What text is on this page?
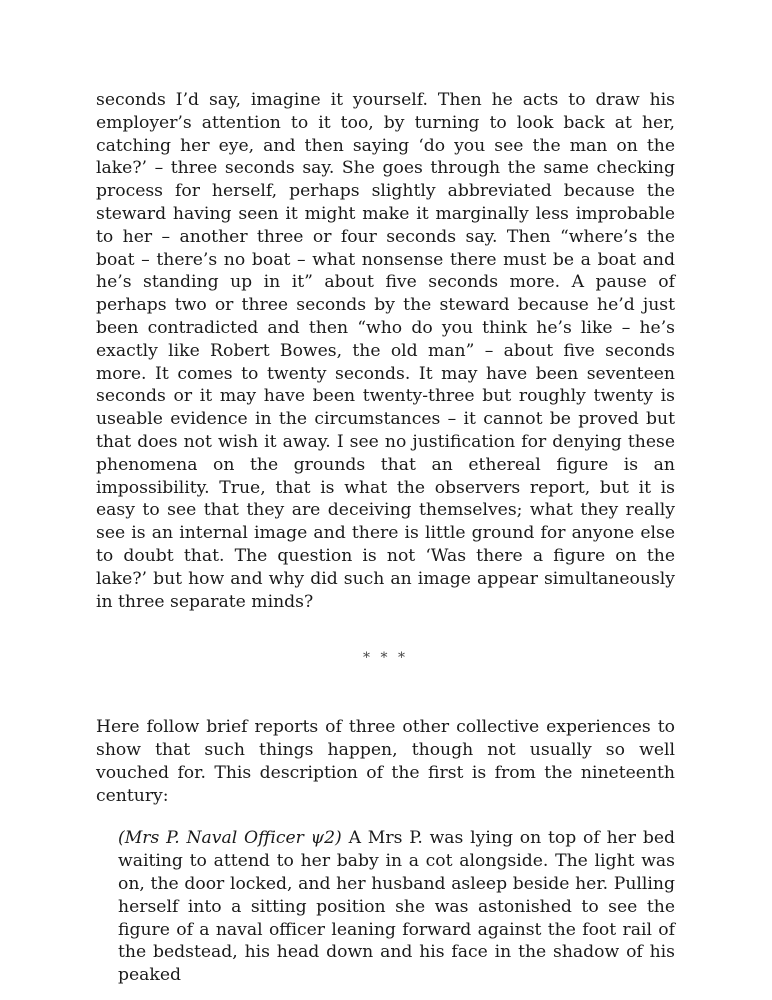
seconds I’d say, imagine it yourself. Then he acts to draw his employer’s attention to it too, by turning to look back at her, catching her eye, and then saying ‘do you see the man on the lake?’ – three seconds say. She goes through the same checking process for herself, perhaps slightly abbreviated because the steward having seen it might make it marginally less improbable to her – another three or four seconds say. Then “where’s the boat – there’s no boat – what nonsense there must be a boat and he’s standing up in it” about five seconds more. A pause of perhaps two or three seconds by the steward because he’d just been contradicted and then “who do you think he’s like – he’s exactly like Robert Bowes, the old man” – about five seconds more. It comes to twenty seconds. It may have been seventeen seconds or it may have been twenty-three but roughly twenty is useable evidence in the circumstances – it cannot be proved but that does not wish it away. I see no justification for denying these phenomena on the grounds that an ethereal figure is an impossibility. True, that is what the observers report, but it is easy to see that they are deceiving themselves; what they really see is an internal image and there is little ground for anyone else to doubt that. The question is not ‘Was there a figure on the lake?’ but how and why did such an image appear simultaneously in three separate minds?

* * *

Here follow brief reports of three other collective experiences to show that such things happen, though not usually so well vouched for. This description of the first is from the nineteenth century:

(Mrs P. Naval Officer ψ2) A Mrs P. was lying on top of her bed waiting to attend to her baby in a cot alongside. The light was on, the door locked, and her husband asleep beside her. Pulling herself into a sitting position she was astonished to see the figure of a naval officer leaning forward against the foot rail of the bedstead, his head down and his face in the shadow of his peaked
